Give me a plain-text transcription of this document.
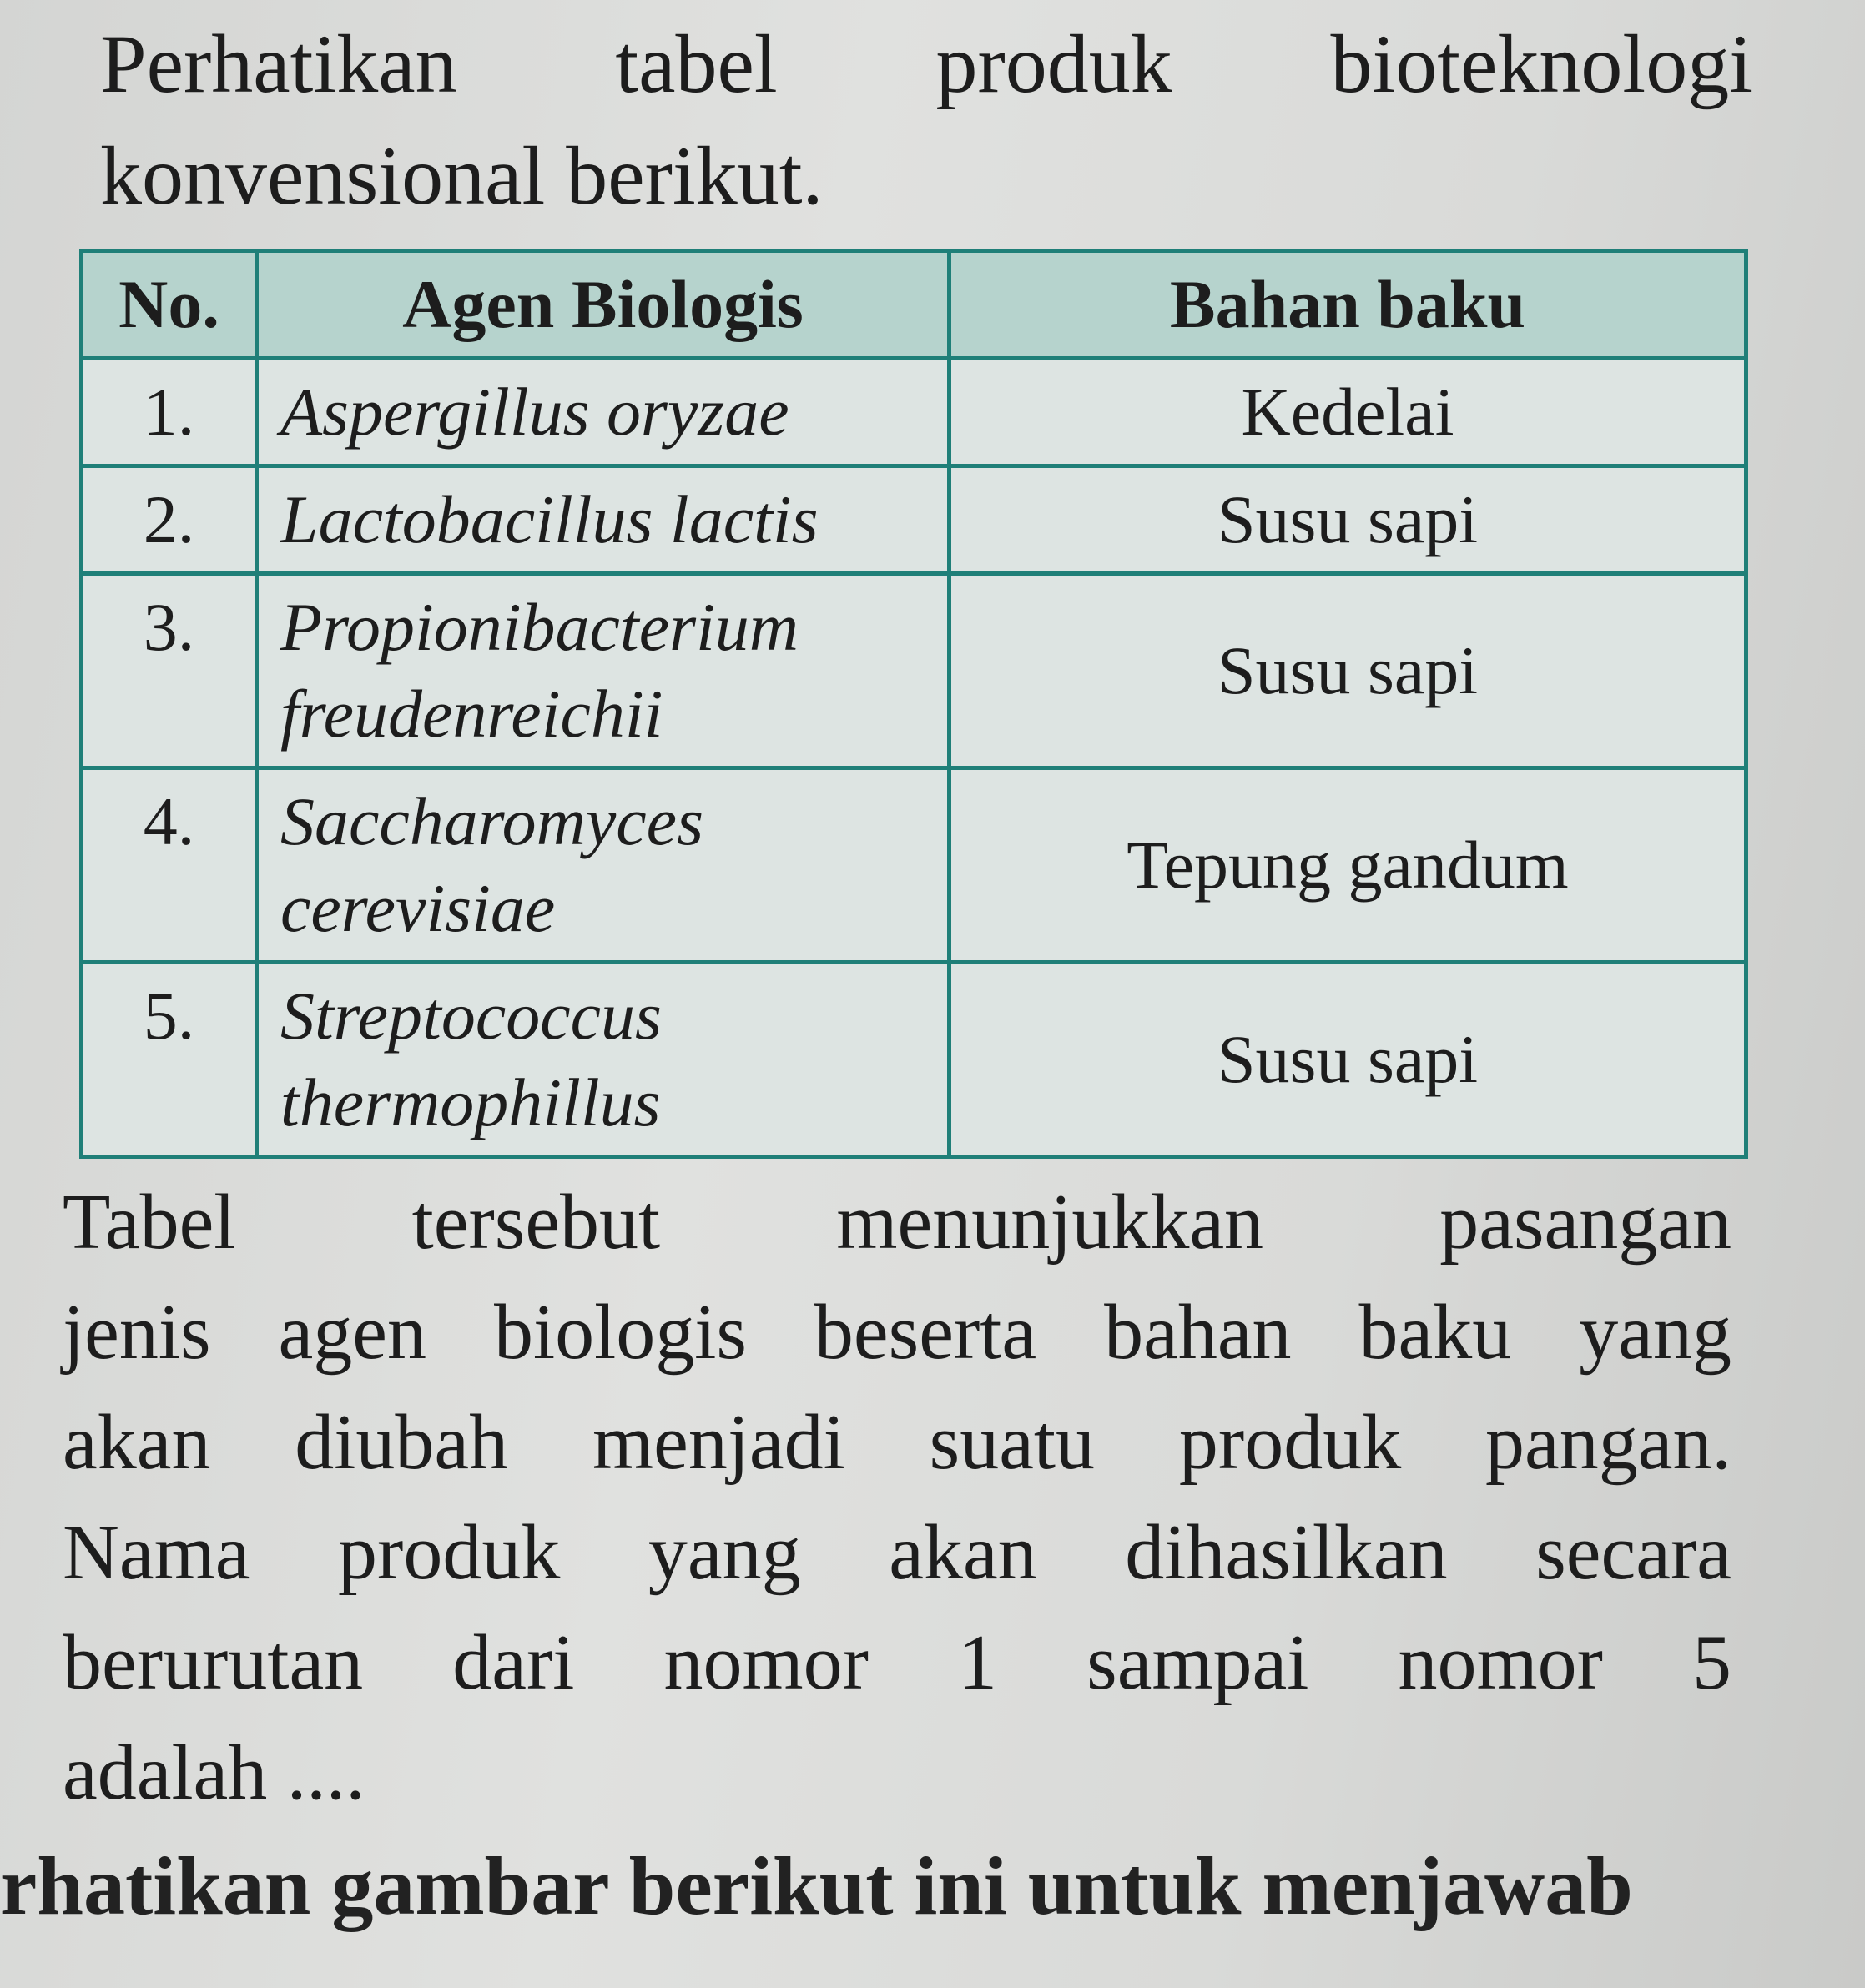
Perhatikan tabel produk bioteknologi
konvensional berikut.
No.	Agen Biologis	Bahan baku
1.	Aspergillus oryzae	Kedelai
2.	Lactobacillus lactis	Susu sapi
3.	Propionibacterium freudenreichii	Susu sapi
4.	Saccharomyces cerevisiae	Tepung gandum
5.	Streptococcus thermophillus	Susu sapi
Tabel tersebut menunjukkan pasangan
jenis agen biologis beserta bahan baku yang
akan diubah menjadi suatu produk pangan.
Nama produk yang akan dihasilkan secara
berurutan dari nomor 1 sampai nomor 5
adalah ....
rhatikan gambar berikut ini untuk menjawab
